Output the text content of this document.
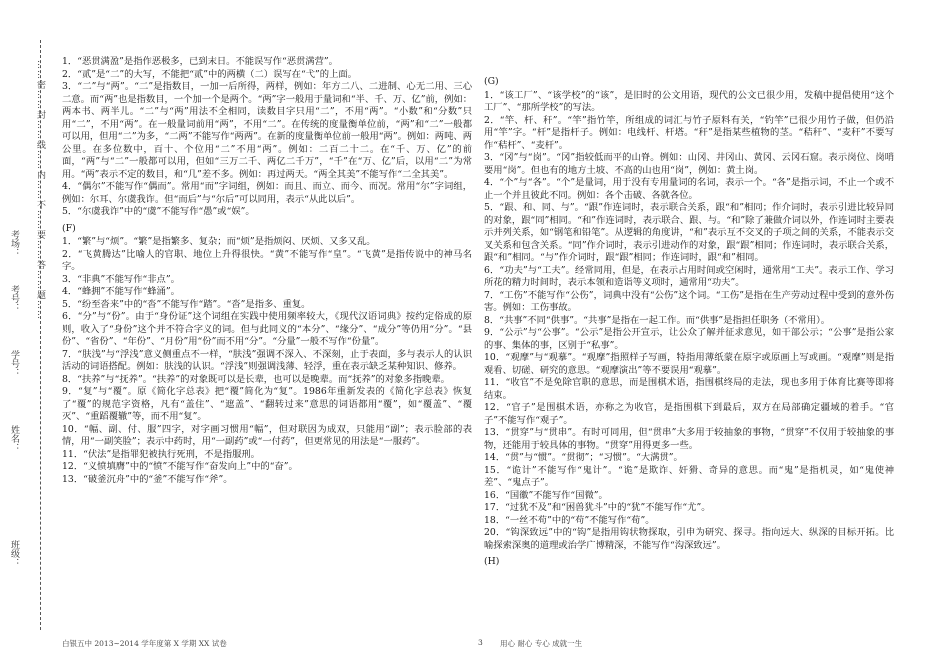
……密……封……线……内……不……要……答……题……
班级：
姓名：
学号：
考号：
考场：

1．“恶贯满盈”是指作恶极多，已到末日。不能误写作“恶贯满营”。

2．“贰”是“二”的大写，不能把“贰”中的两横（二）误写在“弋”的上面。

3．“二”与“两”。“二”是指数目，一加一后所得，两样，例如：年方二八、二进制、心无二用、三心二意。而“两”也是指数目，一个加一个是两个。“两”字一般用于量词和“半、千、万、亿”前，例如：两本书、两半儿。“二”与“两”用法不全相同，读数目字只用“二”，不用“两”。“小数”和“分数”只用“二”，不用“两”。在一般量词前用“两”，不用“二”。在传统的度量衡单位前，“两”和“二”一般都可以用，但用“二”为多，“二两”不能写作“两两”。在新的度量衡单位前一般用“两”。例如：两吨、两公里。在多位数中，百十、个位用“二”不用“两”。例如：二百二十二。在“千、万、亿”的前面，“两”与“二”一般都可以用，但如“三万二千、两亿二千万”，“千”在“万、亿”后，以用“二”为常用。“两”表示不定的数目，和“几”差不多。例如：再过两天。“两全其美”不能写作“二全其美”。

4．“偶尔”不能写作“偶而”。常用“而”字词组，例如：而且、而立、而今、而况。常用“尔”字词组，例如：尔耳、尔虞我诈。但“而后”与“尔后”可以同用，表示“从此以后”。

5．“尔虞我诈”中的“虞”不能写作“愚”或“娱”。

(F)

1．“繁”与“烦”。“繁”是指繁多、复杂；而“烦”是指烦闷、厌烦、又多又乱。

2．“飞黄腾达”比喻人的官职、地位上升得很快。“黄”不能写作“皇”。“飞黄”是指传说中的神马名字。

3．“非典”不能写作“非点”。

4．“蜂拥”不能写作“蜂涌”。

5．“纷至沓来”中的“沓”不能写作“踏”。“沓”是指多、重复。

6．“分”与“份”。由于“身份证”这个词组在实践中使用频率较大，《现代汉语词典》按约定俗成的原则，收入了“身份”这个并不符合字义的词。但与此同义的“本分”、“缘分”、“成分”等仍用“分”。“县份”、“省份”、“年份”、“月份”用“份”而不用“分”。“分量”一般不写作“份量”。

7．“肤浅”与“浮浅”意义侧重点不一样，“肤浅”强调不深入、不深刻，止于表面，多与表示人的认识活动的词语搭配。例如：肤浅的认识。“浮浅”则强调浅薄、轻浮，重在表示缺乏某种知识、修养。

8．“扶养”与“抚养”。“扶养”的对象既可以是长辈，也可以是晚辈。而“抚养”的对象多指晚辈。

9．“复”与“覆”。原《简化字总表》把“覆”简化为“复”。1986年重新发表的《简化字总表》恢复了“覆”的规范字资格，凡有“盖住”、“遮盖”、“翻转过来”意思的词语都用“覆”，如“覆盖”、“覆灭”、“重蹈覆辙”等，而不用“复”。

10．“幅、副、付、服”四字，对字画习惯用“幅”，但对联因为成双，只能用“副”；表示脸部的表情，用“一副笑脸”；表示中药时，用“一副药”或“一付药”，但更常见的用法是“一服药”。

11．“伏法”是指罪犯被执行死刑，不是指服刑。

12．“义愤填膺”中的“愤”不能写作“奋发向上”中的“奋”。

13．“破釜沉舟”中的“釜”不能写作“斧”。

(G)

1．“该工厂”、“该学校”的“该”，是旧时的公文用语，现代的公文已很少用，发稿中提倡使用“这个工厂”、“那所学校”的写法。

2．“竿、杆、秆”。“竿”指竹竿，所组成的词汇与竹子原料有关，“钓竿”已很少用竹子做，但仍沿用“竿”字。“杆”是指杆子。例如：电线杆、杆塔。“秆”是指某些植物的茎。“秸秆”、“麦秆”不要写作“秸杆”、“麦杆”。

3．“冈”与“岗”。“冈”指较低而平的山脊。例如：山冈、井冈山、黄冈、云冈石窟。表示岗位、岗哨要用“岗”。但也有的地方土坡、不高的山也用“岗”，例如：黄土岗。

4．“个”与“各”。“个”是量词，用于没有专用量词的名词，表示一个。“各”是指示词，不止一个或不止一个并且彼此不同。例如：各个击破、各就各位。

5．“跟、和、同、与”。“跟”作连词时，表示联合关系，跟“和”相同；作介词时，表示引进比较异同的对象，跟“同”相同。“和”作连词时，表示联合、跟、与。“和”除了兼做介词以外，作连词时主要表示并列关系，如“钢笔和铅笔”。从逻辑的角度讲，“和”表示互不交叉的子项之间的关系，不能表示交叉关系和包含关系。“同”作介词时，表示引进动作的对象，跟“跟”相同；作连词时，表示联合关系，跟“和”相同。“与”作介词时，跟“跟”相同；作连词时，跟“和”相同。

6．“功夫”与“工夫”。经常同用，但是，在表示占用时间或空闲时，通常用“工夫”。表示工作、学习所花的精力时间时，表示本领和造诣等义项时，通常用“功夫”。

7．“工伤”不能写作“公伤”，词典中没有“公伤”这个词。“工伤”是指在生产劳动过程中受到的意外伤害。例如：工伤事故。

8．“共事”不同“供事”。“共事”是指在一起工作。而“供事”是指担任职务（不常用）。

9．“公示”与“公事”。“公示”是指公开宣示，让公众了解并征求意见，如干部公示；“公事”是指公家的事、集体的事，区别于“私事”。

10．“观摩”与“观摹”。“观摩”指照样子写画，特指用薄纸蒙在原字或原画上写或画。“观摩”则是指观看、切磋、研究的意思。“观摩演出”等不要误用“观摹”。

11．“收官”不是免除官职的意思，而是围棋术语，指围棋终局的走法，现也多用于体育比赛等即将结束。

12．“官子”是围棋术语，亦称之为收官，是指围棋下到最后，双方在局部确定疆域的着手。“官子”不能写作“观子”。

13．“贯穿”与“贯串”。有时可同用，但“贯串”大多用于较抽象的事物，“贯穿”不仅用于较抽象的事物，还能用于较具体的事物。“贯穿”用得更多一些。

14．“贯”与“惯”。“贯彻”；“习惯”。“大满贯”。

15．“诡计”不能写作“鬼计”。“诡”是欺诈、奸猾、奇异的意思。而“鬼”是指机灵，如“鬼使神差”、“鬼点子”。

16．“国徽”不能写作“国微”。

17．“过犹不及”和“困兽犹斗”中的“犹”不能写作“尤”。

18．“一丝不苟”中的“苟”不能写作“荀”。

20．“钩深致远”中的“钩”是指用钩状物探取，引申为研究、探寻。指向远大、纵深的目标开拓。比喻探索深奥的道理或治学广博精深，不能写作“沟深致远”。

(H)

白银五中 2013~2014 学年度第 X 学期 XX 试卷	3 用心 耐心 专心 成就一生
